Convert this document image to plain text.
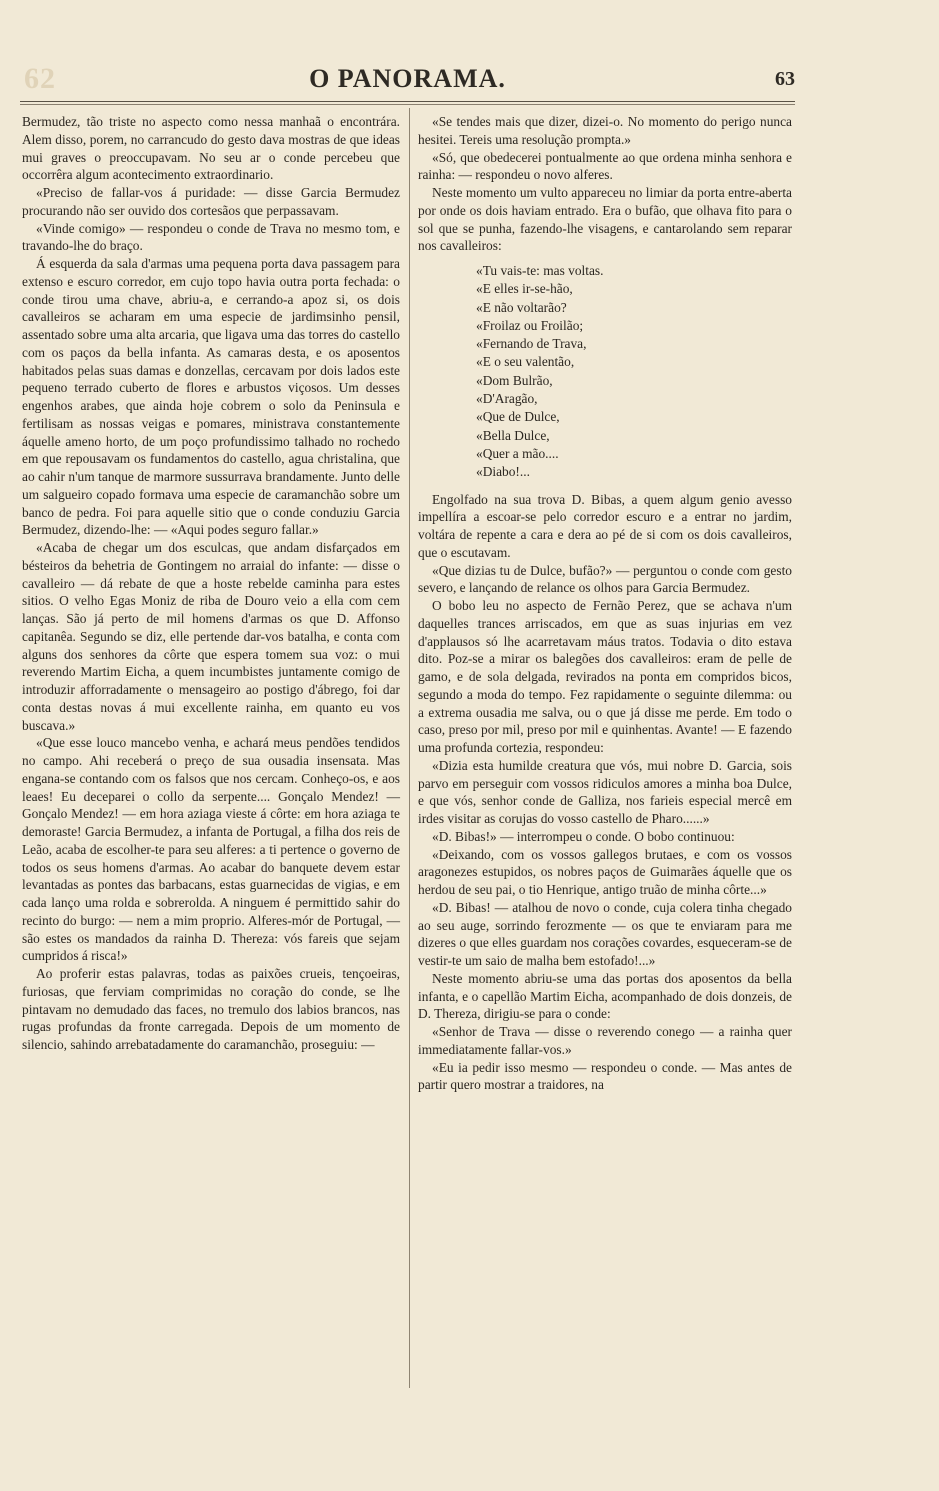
62	O PANORAMA.	63

Bermudez, tão triste no aspecto como nessa manhaã o encontrára. Alem disso, porem, no carrancudo do gesto dava mostras de que ideas mui graves o preoccupavam. No seu ar o conde percebeu que occorrêra algum acontecimento extraordinario.

«Preciso de fallar-vos á puridade: — disse Garcia Bermudez procurando não ser ouvido dos cortesãos que perpassavam.

«Vinde comigo» — respondeu o conde de Trava no mesmo tom, e travando-lhe do braço.

Á esquerda da sala d'armas uma pequena porta dava passagem para extenso e escuro corredor, em cujo topo havia outra porta fechada: o conde tirou uma chave, abriu-a, e cerrando-a apoz si, os dois cavalleiros se acharam em uma especie de jardimsinho pensil, assentado sobre uma alta arcaria, que ligava uma das torres do castello com os paços da bella infanta. As camaras desta, e os aposentos habitados pelas suas damas e donzellas, cercavam por dois lados este pequeno terrado cuberto de flores e arbustos viçosos. Um desses engenhos arabes, que ainda hoje cobrem o solo da Peninsula e fertilisam as nossas veigas e pomares, ministrava constantemente áquelle ameno horto, de um poço profundissimo talhado no rochedo em que repousavam os fundamentos do castello, agua christalina, que ao cahir n'um tanque de marmore sussurrava brandamente. Junto delle um salgueiro copado formava uma especie de caramanchão sobre um banco de pedra. Foi para aquelle sitio que o conde conduziu Garcia Bermudez, dizendo-lhe: — «Aqui podes seguro fallar.»

«Acaba de chegar um dos esculcas, que andam disfarçados em bésteiros da behetria de Gontingem no arraial do infante: — disse o cavalleiro — dá rebate de que a hoste rebelde caminha para estes sitios. O velho Egas Moniz de riba de Douro veio a ella com cem lanças. São já perto de mil homens d'armas os que D. Affonso capitanêa. Segundo se diz, elle pertende dar-vos batalha, e conta com alguns dos senhores da côrte que espera tomem sua voz: o mui reverendo Martim Eicha, a quem incumbistes juntamente comigo de introduzir afforradamente o mensageiro ao postigo d'ábrego, foi dar conta destas novas á mui excellente rainha, em quanto eu vos buscava.»

«Que esse louco mancebo venha, e achará meus pendões tendidos no campo. Ahi receberá o preço de sua ousadia insensata. Mas engana-se contando com os falsos que nos cercam. Conheço-os, e aos leaes! Eu deceparei o collo da serpente.... Gonçalo Mendez! — Gonçalo Mendez! — em hora aziaga vieste á côrte: em hora aziaga te demoraste! Garcia Bermudez, a infanta de Portugal, a filha dos reis de Leão, acaba de escolher-te para seu alferes: a ti pertence o governo de todos os seus homens d'armas. Ao acabar do banquete devem estar levantadas as pontes das barbacans, estas guarnecidas de vigias, e em cada lanço uma rolda e sobrerolda. A ninguem é permittido sahir do recinto do burgo: — nem a mim proprio. Alferes-mór de Portugal, — são estes os mandados da rainha D. Thereza: vós fareis que sejam cumpridos á risca!»

Ao proferir estas palavras, todas as paixões crueis, tençoeiras, furiosas, que ferviam comprimidas no coração do conde, se lhe pintavam no demudado das faces, no tremulo dos labios brancos, nas rugas profundas da fronte carregada. Depois de um momento de silencio, sahindo arrebatadamente do caramanchão, proseguiu: —

«Se tendes mais que dizer, dizei-o. No momento do perigo nunca hesitei. Tereis uma resolução prompta.»

«Só, que obedecerei pontualmente ao que ordena minha senhora e rainha: — respondeu o novo alferes.

Neste momento um vulto appareceu no limiar da porta entre-aberta por onde os dois haviam entrado. Era o bufão, que olhava fito para o sol que se punha, fazendo-lhe visagens, e cantarolando sem reparar nos cavalleiros:

«Tu vais-te: mas voltas.
«E elles ir-se-hão,
«E não voltarão?
«Froilaz ou Froilão;
«Fernando de Trava,
«E o seu valentão,
«Dom Bulrão,
«D'Aragão,
«Que de Dulce,
«Bella Dulce,
«Quer a mão....
«Diabo!...

Engolfado na sua trova D. Bibas, a quem algum genio avesso impellíra a escoar-se pelo corredor escuro e a entrar no jardim, voltára de repente a cara e dera ao pé de si com os dois cavalleiros, que o escutavam.

«Que dizias tu de Dulce, bufão?» — perguntou o conde com gesto severo, e lançando de relance os olhos para Garcia Bermudez.

O bobo leu no aspecto de Fernão Perez, que se achava n'um daquelles trances arriscados, em que as suas injurias em vez d'applausos só lhe acarretavam máus tratos. Todavia o dito estava dito. Poz-se a mirar os balegões dos cavalleiros: eram de pelle de gamo, e de sola delgada, revirados na ponta em compridos bicos, segundo a moda do tempo. Fez rapidamente o seguinte dilemma: ou a extrema ousadia me salva, ou o que já disse me perde. Em todo o caso, preso por mil, preso por mil e quinhentas. Avante! — E fazendo uma profunda cortezia, respondeu:

«Dizia esta humilde creatura que vós, mui nobre D. Garcia, sois parvo em perseguir com vossos ridiculos amores a minha boa Dulce, e que vós, senhor conde de Galliza, nos farieis especial mercê em irdes visitar as corujas do vosso castello de Pharo......»

«D. Bibas!» — interrompeu o conde. O bobo continuou:

«Deixando, com os vossos gallegos brutaes, e com os vossos aragonezes estupidos, os nobres paços de Guimarães áquelle que os herdou de seu pai, o tio Henrique, antigo truão de minha côrte...»

«D. Bibas! — atalhou de novo o conde, cuja colera tinha chegado ao seu auge, sorrindo ferozmente — os que te enviaram para me dizeres o que elles guardam nos corações covardes, esqueceram-se de vestir-te um saio de malha bem estofado!...»

Neste momento abriu-se uma das portas dos aposentos da bella infanta, e o capellão Martim Eicha, acompanhado de dois donzeis, de D. Thereza, dirigiu-se para o conde:

«Senhor de Trava — disse o reverendo conego — a rainha quer immediatamente fallar-vos.»

«Eu ia pedir isso mesmo — respondeu o conde. — Mas antes de partir quero mostrar a traidores, na
